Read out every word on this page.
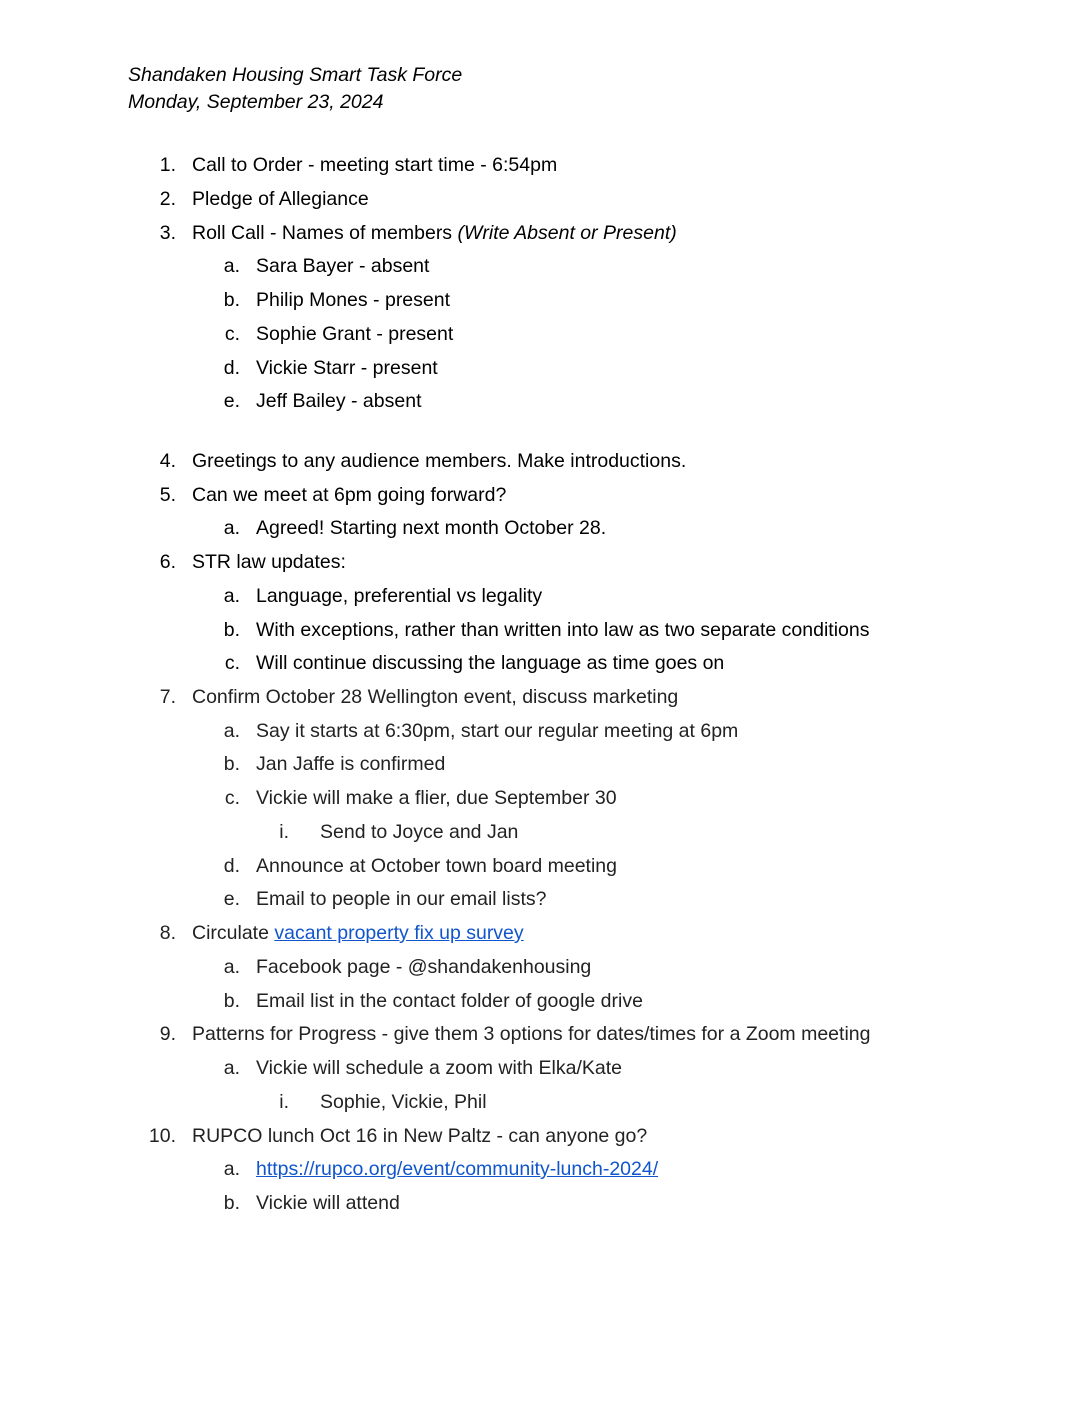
Shandaken Housing Smart Task Force
Monday, September 23, 2024
1. Call to Order - meeting start time - 6:54pm
2. Pledge of Allegiance
3. Roll Call - Names of members (Write Absent or Present)
a. Sara Bayer - absent
b. Philip Mones - present
c. Sophie Grant - present
d. Vickie Starr - present
e. Jeff Bailey - absent
4. Greetings to any audience members. Make introductions.
5. Can we meet at 6pm going forward?
a. Agreed! Starting next month October 28.
6. STR law updates:
a. Language, preferential vs legality
b. With exceptions, rather than written into law as two separate conditions
c. Will continue discussing the language as time goes on
7. Confirm October 28 Wellington event, discuss marketing
a. Say it starts at 6:30pm, start our regular meeting at 6pm
b. Jan Jaffe is confirmed
c. Vickie will make a flier, due September 30
i. Send to Joyce and Jan
d. Announce at October town board meeting
e. Email to people in our email lists?
8. Circulate vacant property fix up survey
a. Facebook page - @shandakenhousing
b. Email list in the contact folder of google drive
9. Patterns for Progress - give them 3 options for dates/times for a Zoom meeting
a. Vickie will schedule a zoom with Elka/Kate
i. Sophie, Vickie, Phil
10. RUPCO lunch Oct 16 in New Paltz - can anyone go?
a. https://rupco.org/event/community-lunch-2024/
b. Vickie will attend
